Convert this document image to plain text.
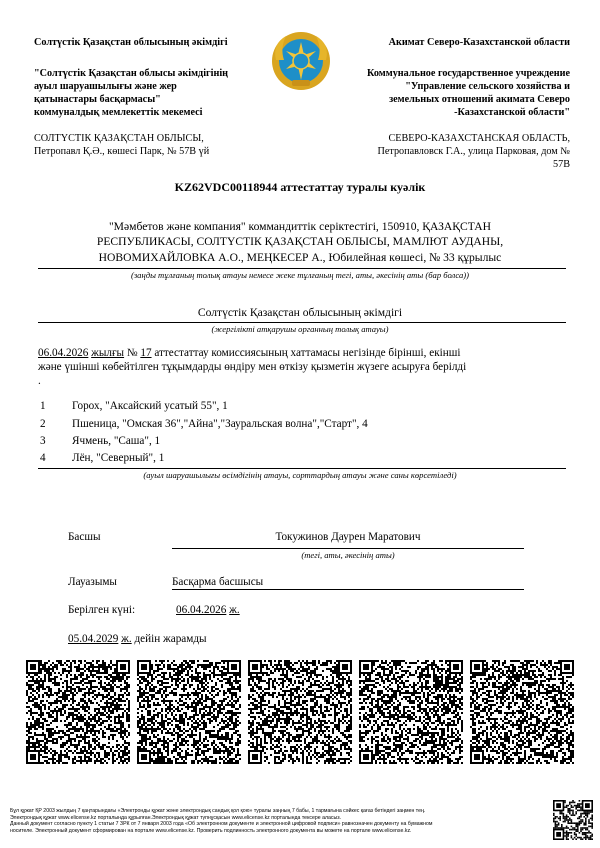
Солтүстік Қазақстан облысының әкімдігі	Акимат Северо-Казахстанской области
"Солтүстік Қазақстан облысы әкімдігінің
ауыл шаруашылығы және жер
қатынастары басқармасы"
коммуналдық мемлекеттік мекемесі
Коммунальное государственное учреждение
"Управление сельского хозяйства и
земельных отношений акимата Северо
-Казахстанской области"
СОЛТҮСТІК ҚАЗАҚСТАН ОБЛЫСЫ,
Петропавл Қ.Ә., көшесі Парк, № 57В үй
СЕВЕРО-КАЗАХСТАНСКАЯ ОБЛАСТЬ,
Петропавловск Г.А., улица Парковая, дом №
57В
KZ62VDC00118944 аттестаттау туралы куәлік
"Мәмбетов және компания" коммандиттік серіктестігі, 150910, ҚАЗАҚСТАН
РЕСПУБЛИКАСЫ, СОЛТҮСТІК ҚАЗАҚСТАН ОБЛЫСЫ, МАМЛЮТ АУДАНЫ,
НОВОМИХАЙЛОВКА А.О., МЕҢКЕСЕР А., Юбилейная көшесі, № 33 құрылыс
(заңды тұлғаның толық атауы немесе жеке тұлғаның тегі, аты, әкесінің аты (бар болса))
Солтүстік Қазақстан облысының әкімдігі
(жергілікті атқарушы органның толық атауы)
06.04.2026 жылғы № 17 аттестаттау комиссиясының хаттамасы негізінде бірінші, екінші
және үшінші көбейтілген тұқымдарды өндіру мен өткізу қызметін жүзеге асыруға берілді
.
1 Горох, "Аксайский усатый 55", 1
2 Пшеница, "Омская 36","Айна","Зауральская волна","Старт", 4
3 Ячмень, "Саша", 1
4 Лён, "Северный", 1
(ауыл шаруашылығы өсімдігінің атауы, сорттардың атауы және саны көрсетіледі)
Басшы	Токужинов Даурен Маратович
(тегі, аты, әкесінің аты)
Лауазымы	Басқарма басшысы
Берілген күні:	06.04.2026 ж.
05.04.2029 ж. дейін жарамды
Бұл құжат ҚР 2003 жылдың 7 қаңтарындағы «Электронды құжат және электрондық сандық қол қою» туралы заңның 7 бабы, 1 тармағына сәйкес қағаз бетіндегі заңмен тең.
Электрондық құжат www.elicense.kz порталында құрылған.Электрондық құжат түпнұсқасын www.elicense.kz порталында тексере аласыз.
Данный документ согласно пункту 1 статьи 7 ЗРК от 7 января 2003 года «Об электронном документе и электронной цифровой подписи» равнозначен документу на бумажном
носителе. Электронный документ сформирован на портале www.elicense.kz. Проверить подлинность электронного документа вы можете на портале www.elicense.kz.
